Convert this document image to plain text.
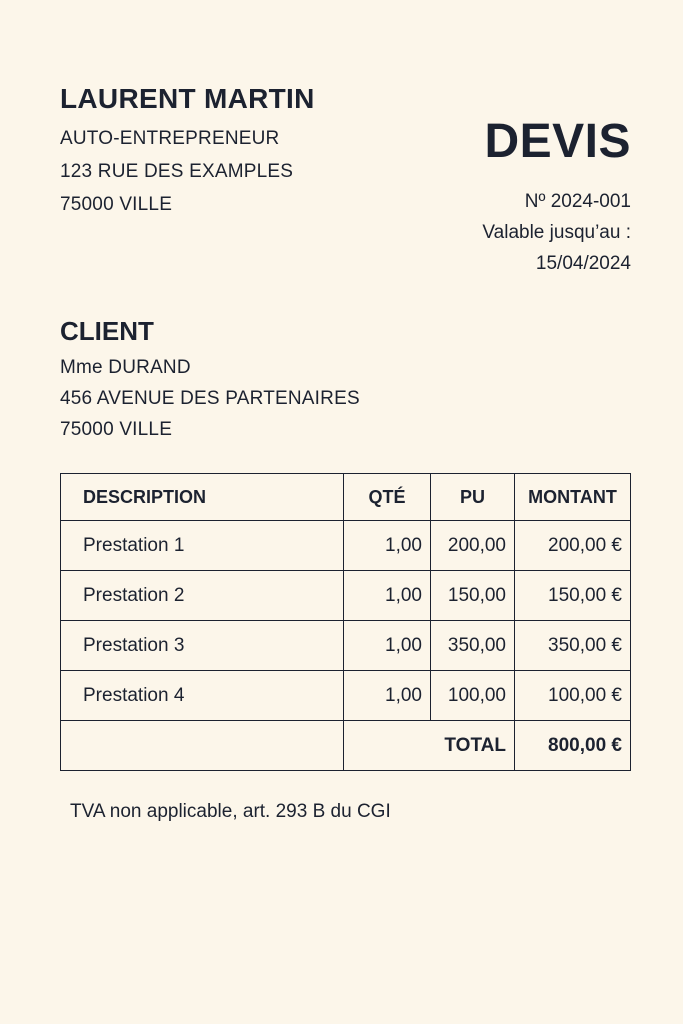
LAURENT MARTIN
AUTO-ENTREPRENEUR
123 RUE DES EXAMPLES
75000 VILLE
DEVIS
Nº 2024-001
Valable jusqu’au :
15/04/2024
CLIENT
Mme DURAND
456 AVENUE DES PARTENAIRES
75000 VILLE
DESCRIPTION	QTÉ	PU	MONTANT
Prestation 1	1,00	200,00	200,00 €
Prestation 2	1,00	150,00	150,00 €
Prestation 3	1,00	350,00	350,00 €
Prestation 4	1,00	100,00	100,00 €
	TOTAL		800,00 €
TVA non applicable, art. 293 B du CGI
